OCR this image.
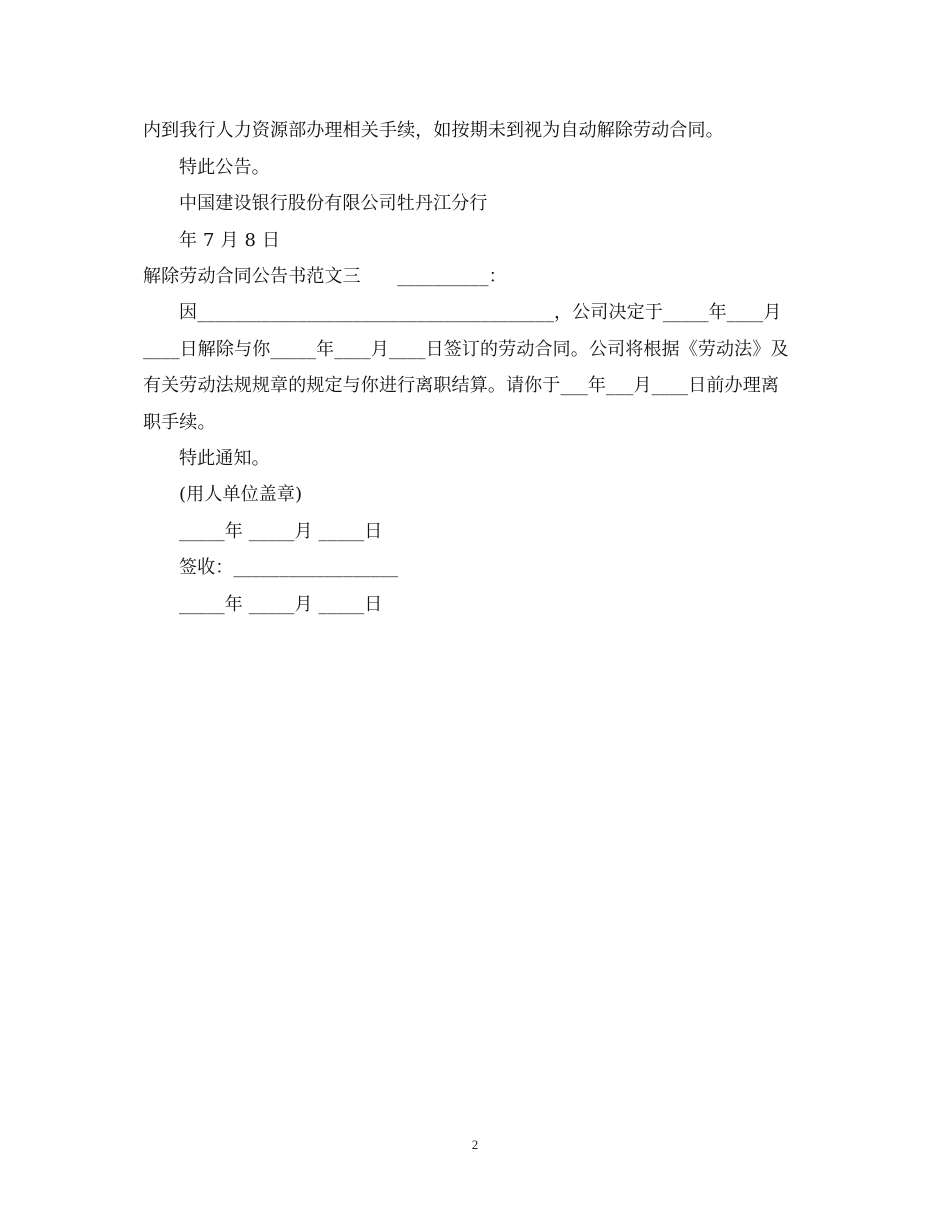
内到我行人力资源部办理相关手续，如按期未到视为自动解除劳动合同。
特此公告。
中国建设银行股份有限公司牡丹江分行
年 7 月 8 日
解除劳动合同公告书范文三　　__________：
因_______________________________________，公司决定于_____年____月
____日解除与你_____年____月____日签订的劳动合同。公司将根据《劳动法》及
有关劳动法规规章的规定与你进行离职结算。请你于___年___月____日前办理离
职手续。
特此通知。
(用人单位盖章)
_____年 _____月 _____日
签收：__________________
_____年 _____月 _____日
2
